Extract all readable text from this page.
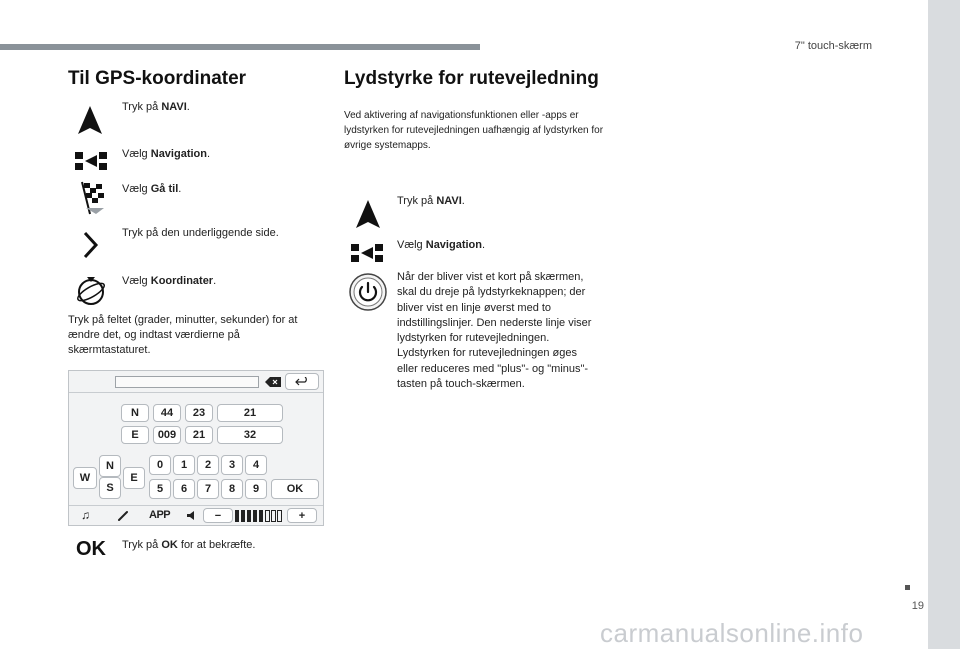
7" touch-skærm
19
carmanualsonline.info
Til GPS-koordinater
Tryk på NAVI.
Vælg Navigation.
Vælg Gå til.
Tryk på den underliggende side.
Vælg Koordinater.
Tryk på feltet (grader, minutter, sekunder) for at ændre det, og indtast værdierne på skærmtastaturet.
N	44	23	21
E	009	21	32
W
N
E
S
0	1	2	3	4
5	6	7	8	9	OK
♫	APP	−	+
OK Tryk på OK for at bekræfte.
Lydstyrke for rutevejledning
Ved aktivering af navigationsfunktionen eller -apps er lydstyrken for rutevejledningen uafhængig af lydstyrken for øvrige systemapps.
Tryk på NAVI.
Vælg Navigation.
Når der bliver vist et kort på skærmen, skal du dreje på lydstyrkeknappen; der bliver vist en linje øverst med to indstillingslinjer. Den nederste linje viser lydstyrken for rutevejledningen. Lydstyrken for rutevejledningen øges eller reduceres med "plus"- og "minus"-tasten på touch-skærmen.
